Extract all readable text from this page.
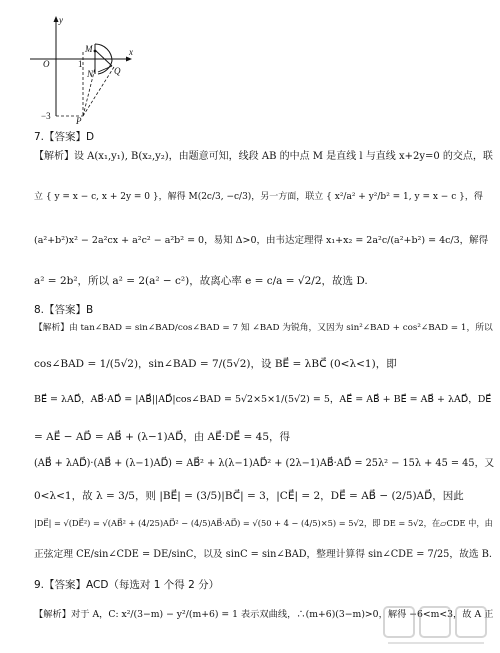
y
x
O	1
−3
M
N Q
P
7.【答案】D
【解析】设 A(x₁,y₁), B(x₂,y₂)，由题意可知，线段 AB 的中点 M 是直线 l 与直线 x+2y=0 的交点，联
立 { y = x − c, x + 2y = 0 }，解得 M(2c/3, −c/3)，另一方面，联立 { x²/a² + y²/b² = 1, y = x − c }，得
(a²+b²)x² − 2a²cx + a²c² − a²b² = 0，易知 Δ>0，由韦达定理得 x₁+x₂ = 2a²c/(a²+b²) = 4c/3，解得
a² = 2b²，所以 a² = 2(a² − c²)，故离心率 e = c/a = √2/2，故选 D.
8.【答案】B
【解析】由 tan∠BAD = sin∠BAD/cos∠BAD = 7 知 ∠BAD 为锐角，又因为 sin²∠BAD + cos²∠BAD = 1，所以
cos∠BAD = 1/(5√2)，sin∠BAD = 7/(5√2)，设 BE⃗ = λBC⃗ (0<λ<1)，即
BE⃗ = λAD⃗，AB⃗·AD⃗ = |AB⃗||AD⃗|cos∠BAD = 5√2×5×1/(5√2) = 5，AE⃗ = AB⃗ + BE⃗ = AB⃗ + λAD⃗，DE⃗
= AE⃗ − AD⃗ = AB⃗ + (λ−1)AD⃗，由 AE⃗·DE⃗ = 45，得
(AB⃗ + λAD⃗)·(AB⃗ + (λ−1)AD⃗) = AB⃗² + λ(λ−1)AD⃗² + (2λ−1)AB⃗·AD⃗ = 25λ² − 15λ + 45 = 45，又
0<λ<1，故 λ = 3/5，则 |BE⃗| = (3/5)|BC⃗| = 3，|CE⃗| = 2，DE⃗ = AB⃗ − (2/5)AD⃗，因此
|DE⃗| = √(DE⃗²) = √(AB⃗² + (4/25)AD⃗² − (4/5)AB⃗·AD⃗) = √(50 + 4 − (4/5)×5) = 5√2，即 DE = 5√2，在▱CDE 中，由
正弦定理 CE/sin∠CDE = DE/sinC，以及 sinC = sin∠BAD，整理计算得 sin∠CDE = 7/25，故选 B.
9.【答案】ACD（每选对 1 个得 2 分）
【解析】对于 A，C: x²/(3−m) − y²/(m+6) = 1 表示双曲线，∴(m+6)(3−m)>0，解得 −6<m<3，故 A 正
